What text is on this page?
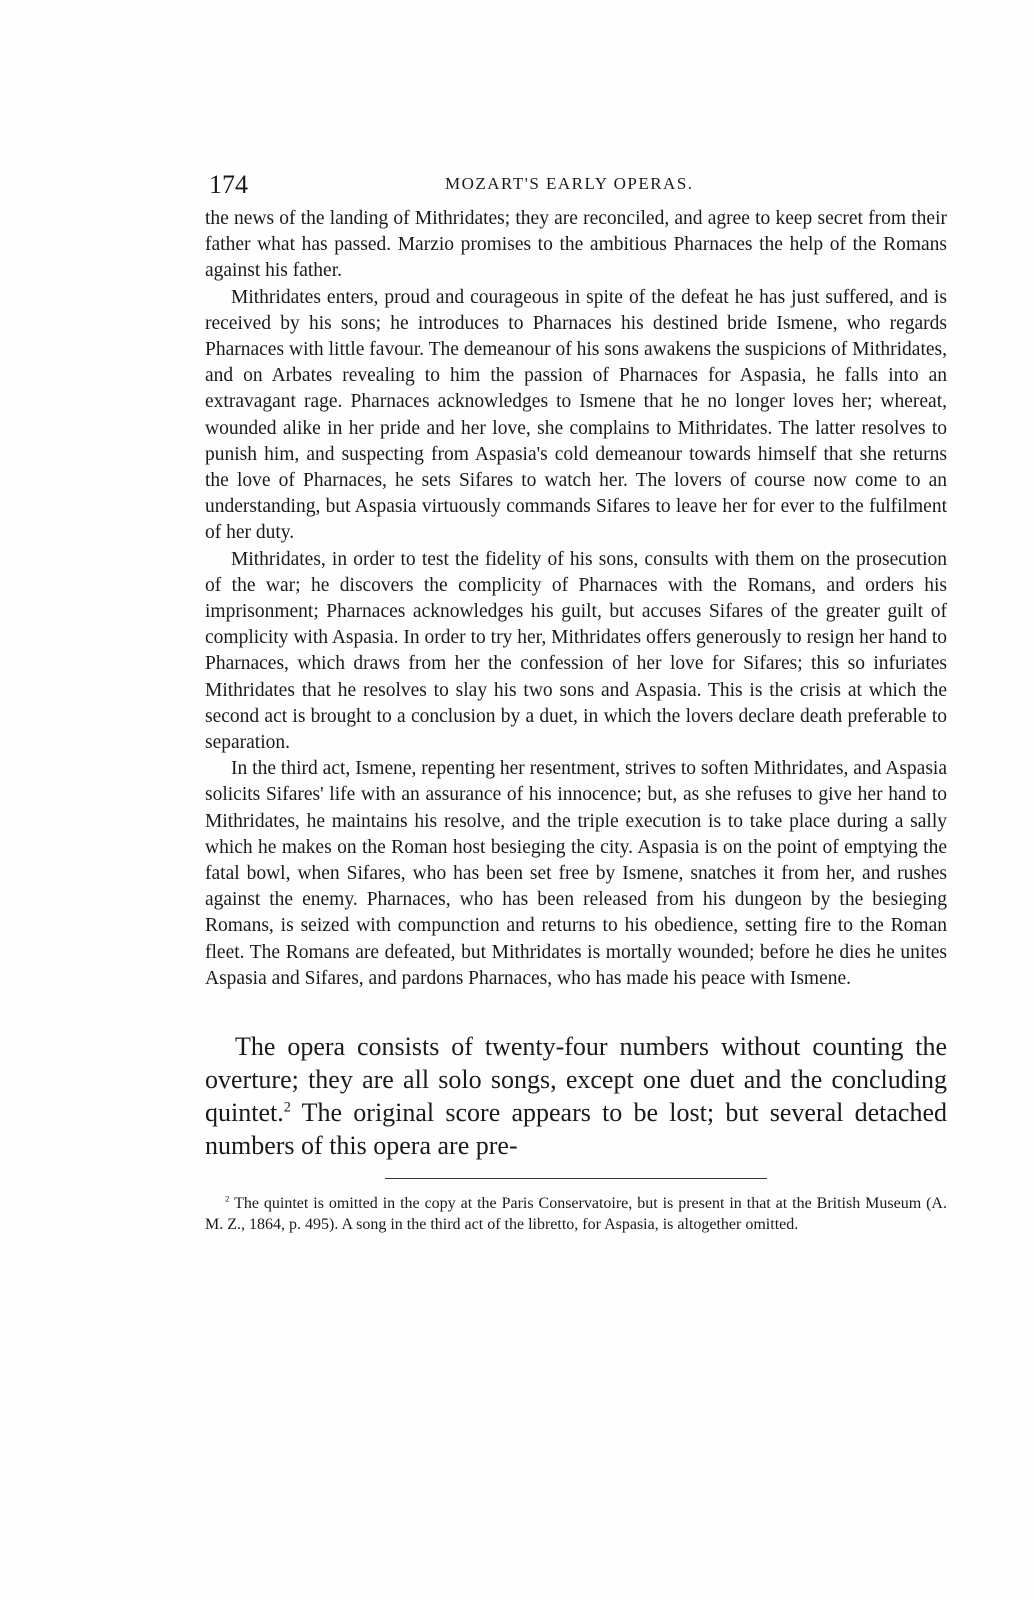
174	MOZART'S EARLY OPERAS.

the news of the landing of Mithridates; they are reconciled, and agree to keep secret from their father what has passed. Marzio promises to the ambitious Pharnaces the help of the Romans against his father.

Mithridates enters, proud and courageous in spite of the defeat he has just suffered, and is received by his sons; he introduces to Pharnaces his destined bride Ismene, who regards Pharnaces with little favour. The demeanour of his sons awakens the suspicions of Mithridates, and on Arbates revealing to him the passion of Pharnaces for Aspasia, he falls into an extravagant rage. Pharnaces acknowledges to Ismene that he no longer loves her; whereat, wounded alike in her pride and her love, she complains to Mithridates. The latter resolves to punish him, and suspecting from Aspasia's cold demeanour towards himself that she returns the love of Pharnaces, he sets Sifares to watch her. The lovers of course now come to an understanding, but Aspasia virtuously commands Sifares to leave her for ever to the fulfilment of her duty.

Mithridates, in order to test the fidelity of his sons, consults with them on the prosecution of the war; he discovers the complicity of Pharnaces with the Romans, and orders his imprisonment; Pharnaces acknowledges his guilt, but accuses Sifares of the greater guilt of complicity with Aspasia. In order to try her, Mithridates offers generously to resign her hand to Pharnaces, which draws from her the confession of her love for Sifares; this so infuriates Mithridates that he resolves to slay his two sons and Aspasia. This is the crisis at which the second act is brought to a conclusion by a duet, in which the lovers declare death preferable to separation.

In the third act, Ismene, repenting her resentment, strives to soften Mithridates, and Aspasia solicits Sifares' life with an assurance of his innocence; but, as she refuses to give her hand to Mithridates, he maintains his resolve, and the triple execution is to take place during a sally which he makes on the Roman host besieging the city. Aspasia is on the point of emptying the fatal bowl, when Sifares, who has been set free by Ismene, snatches it from her, and rushes against the enemy. Pharnaces, who has been released from his dungeon by the besieging Romans, is seized with compunction and returns to his obedience, setting fire to the Roman fleet. The Romans are defeated, but Mithridates is mortally wounded; before he dies he unites Aspasia and Sifares, and pardons Pharnaces, who has made his peace with Ismene.

The opera consists of twenty-four numbers without counting the overture; they are all solo songs, except one duet and the concluding quintet.$^2$ The original score appears to be lost; but several detached numbers of this opera are pre-

$^2$ The quintet is omitted in the copy at the Paris Conservatoire, but is present in that at the British Museum (A. M. Z., 1864, p. 495). A song in the third act of the libretto, for Aspasia, is altogether omitted.
